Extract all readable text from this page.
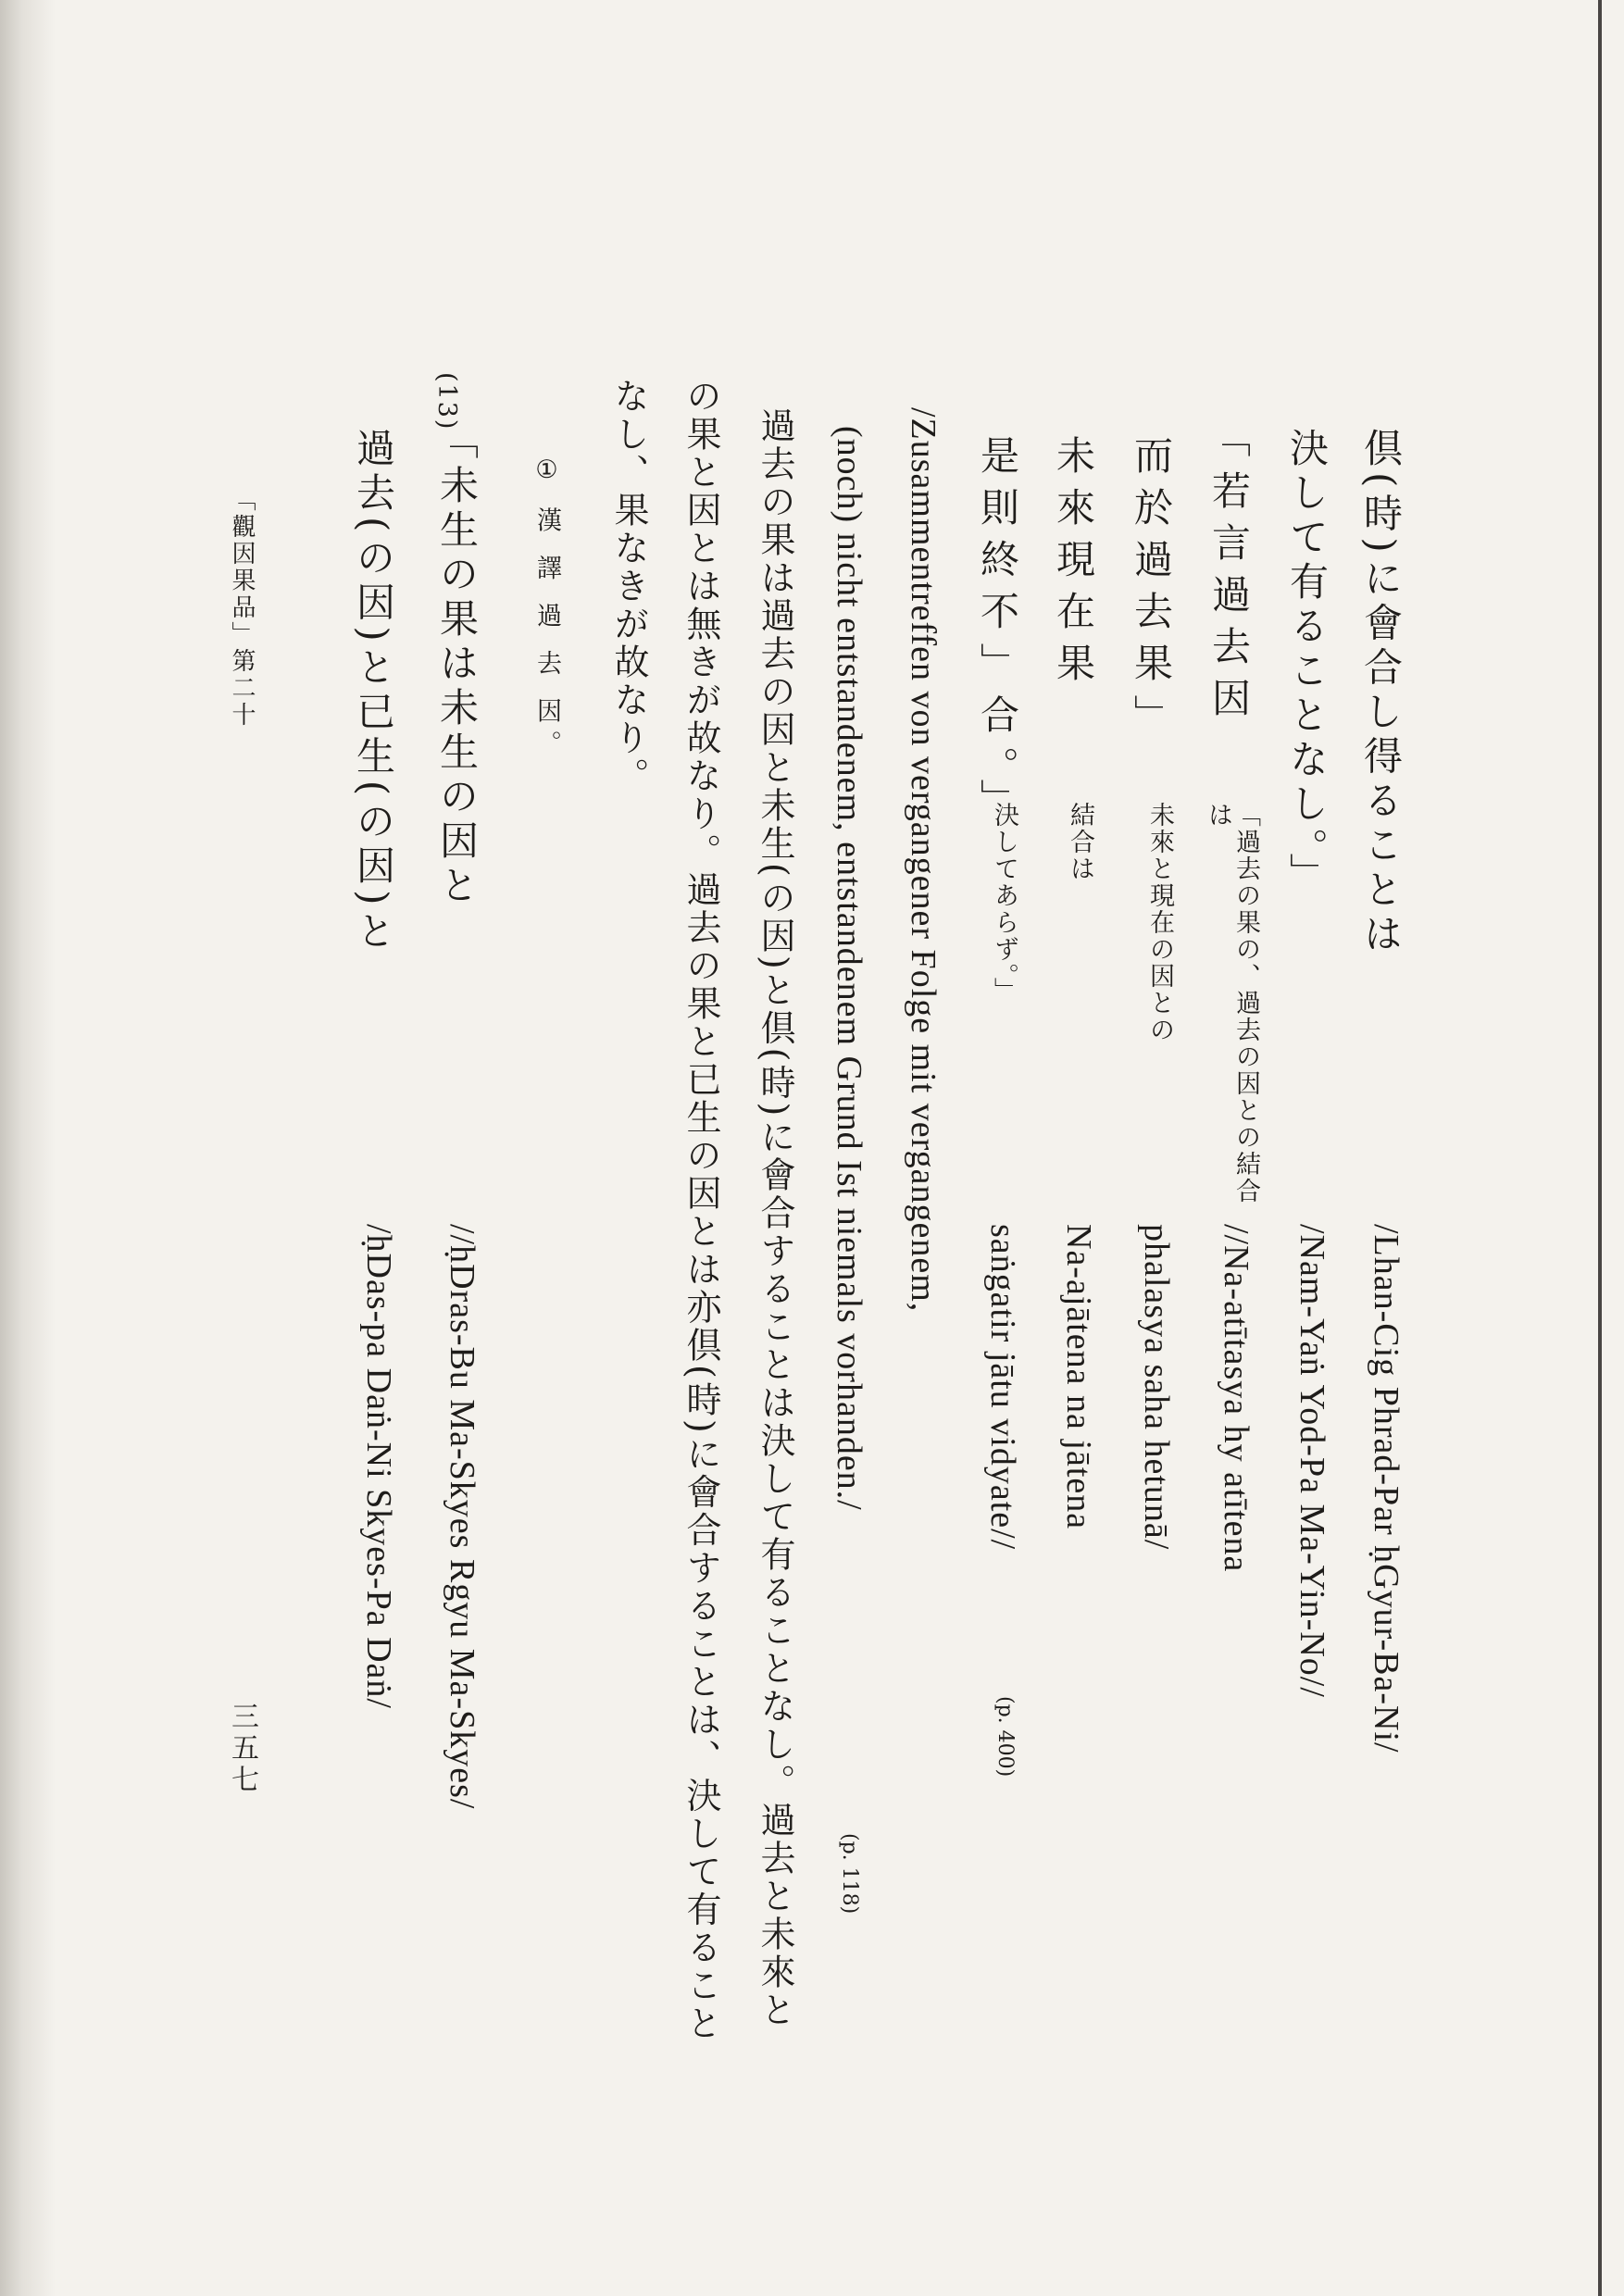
倶(時)に會合し得ることは
/Lhan-Cig Phrad-Par ḥGyur-Ba-Ni/
決して有ることなし。」
/Nam-Yaṅ Yod-Pa Ma-Yin-No//
「若言過去因
「過去の果の、過去の因との結合
は
//Na-atītasya hy atītena
而於過去果」
未來と現在の因との
phalasya saha hetunā/
未來現在果
結合は
Na-ajātena na jātena
是則終不」合。」
決してあらず。」
saṅgatir jātu vidyate//
(p. 400)
/Zusammentreffen von vergangener Folge mit vergangenem,
(noch) nicht entstandenem, entstandenem Grund Ist niemals vorhanden./
(p. 118)
過去の果は過去の因と未生(の因)と倶(時)に會合することは決して有ることなし。過去と未來と
の果と因とは無きが故なり。過去の果と已生の因とは亦倶(時)に會合することは、決して有ること
なし、果なきが故なり。
① 漢 譯 過 去 因。
(13)
「未生の果は未生の因と
//ḥDras-Bu Ma-Skyes Rgyu Ma-Skyes/
過去(の因)と已生(の因)と
/ḥDas-pa Daṅ-Ni Skyes-Pa Daṅ/
「觀因果品」第二十
三五七
